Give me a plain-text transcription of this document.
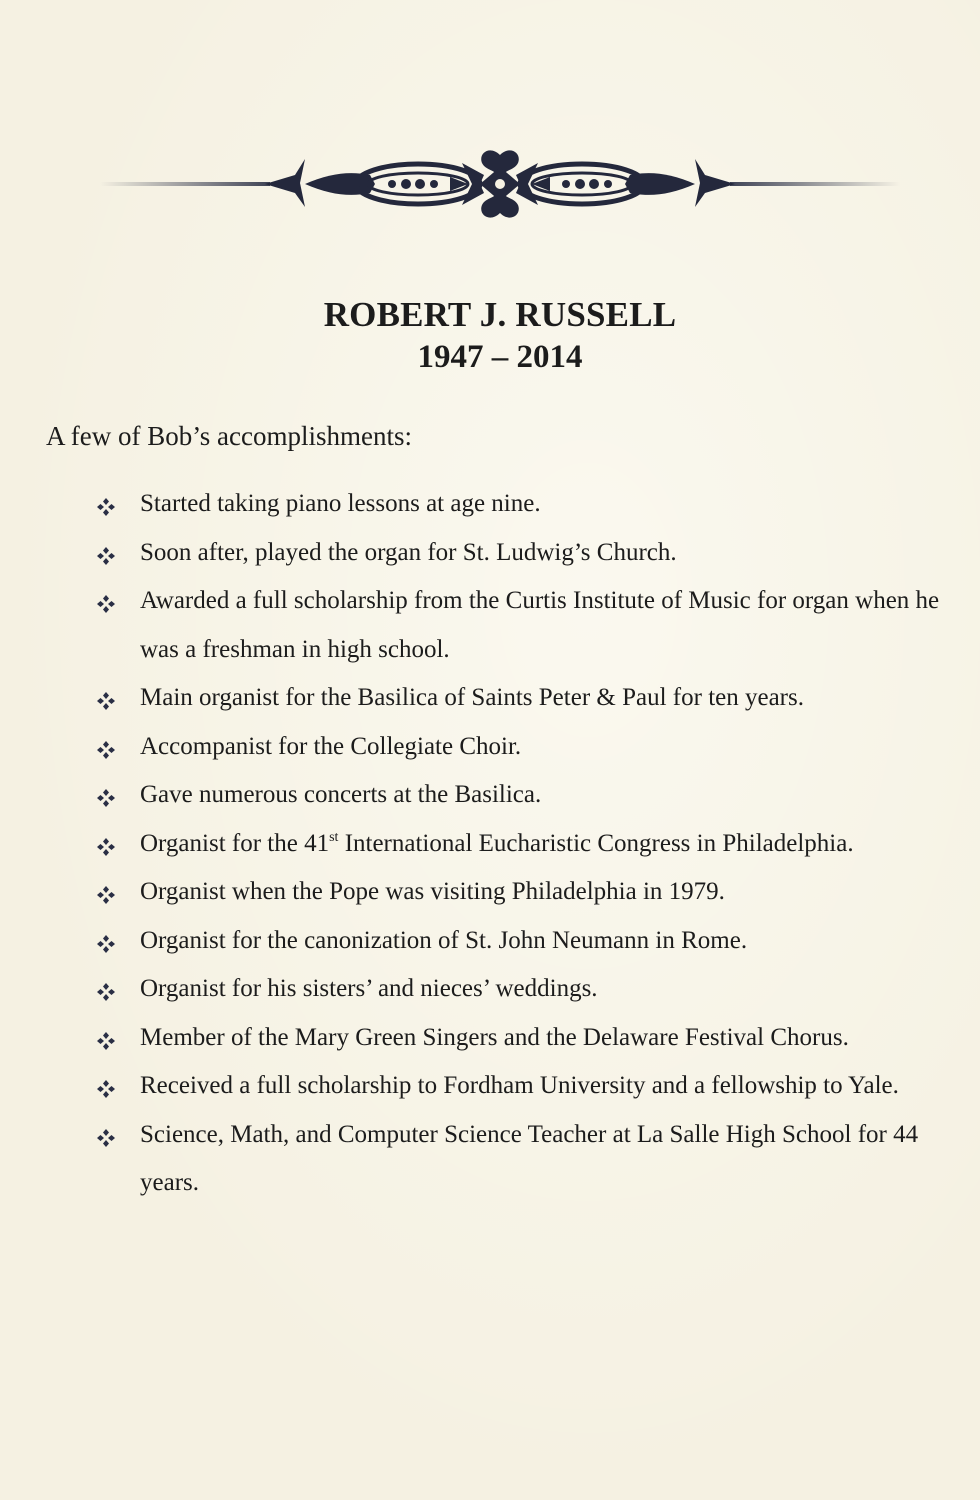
ROBERT J. RUSSELL
1947 – 2014

A few of Bob’s accomplishments:

Started taking piano lessons at age nine.
Soon after, played the organ for St. Ludwig’s Church.
Awarded a full scholarship from the Curtis Institute of Music for organ when he was a freshman in high school.
Main organist for the Basilica of Saints Peter & Paul for ten years.
Accompanist for the Collegiate Choir.
Gave numerous concerts at the Basilica.
Organist for the 41st International Eucharistic Congress in Philadelphia.
Organist when the Pope was visiting Philadelphia in 1979.
Organist for the canonization of St. John Neumann in Rome.
Organist for his sisters’ and nieces’ weddings.
Member of the Mary Green Singers and the Delaware Festival Chorus.
Received a full scholarship to Fordham University and a fellowship to Yale.
Science, Math, and Computer Science Teacher at La Salle High School for 44 years.
